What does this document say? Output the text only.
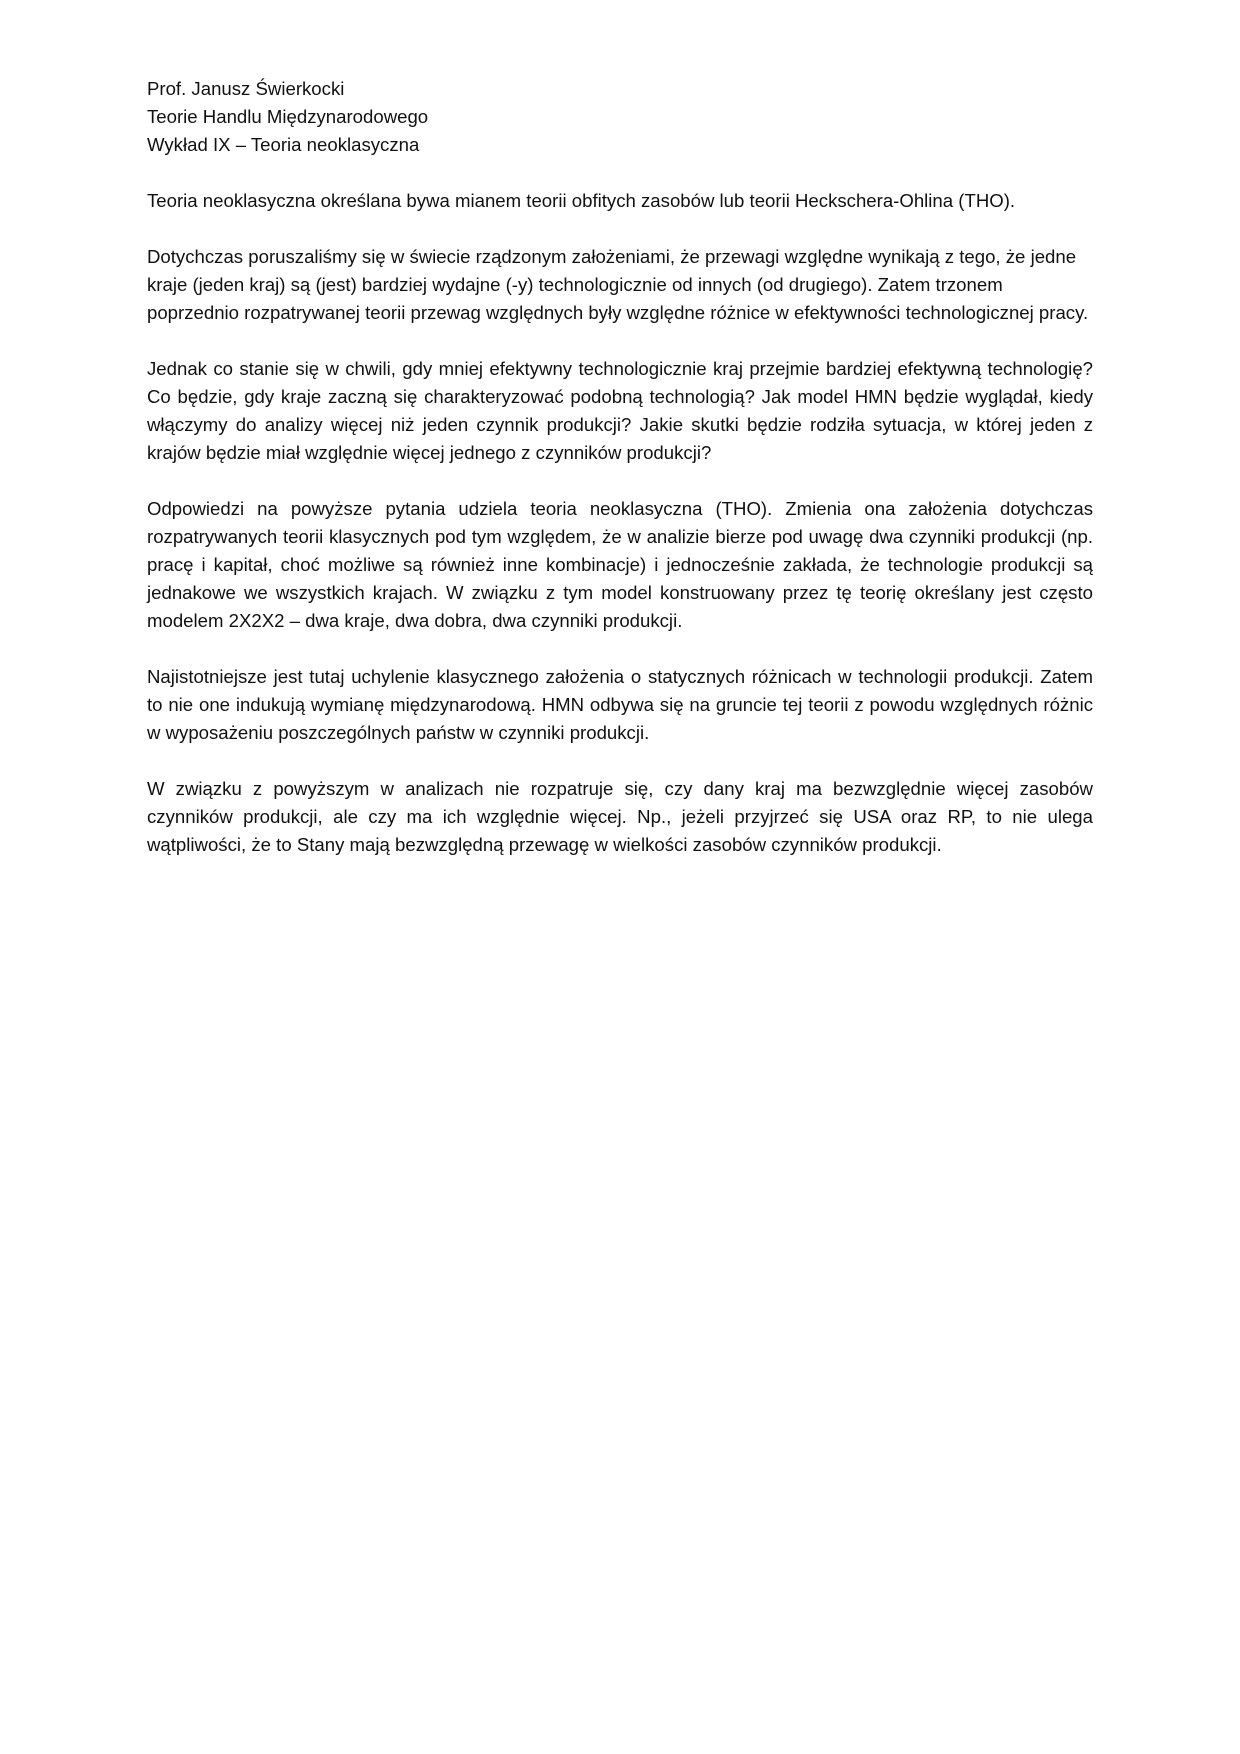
Prof. Janusz Świerkocki

Teorie Handlu Międzynarodowego

Wykład IX – Teoria neoklasyczna

Teoria neoklasyczna określana bywa mianem teorii obfitych zasobów lub teorii Heckschera-Ohlina (THO).

Dotychczas poruszaliśmy się w świecie rządzonym założeniami, że przewagi względne wynikają z tego, że jedne kraje (jeden kraj) są (jest) bardziej wydajne (-y) technologicznie od innych (od drugiego). Zatem trzonem poprzednio rozpatrywanej teorii przewag względnych były względne różnice w efektywności technologicznej pracy.

Jednak co stanie się w chwili, gdy mniej efektywny technologicznie kraj przejmie bardziej efektywną technologię? Co będzie, gdy kraje zaczną się charakteryzować podobną technologią? Jak model HMN będzie wyglądał, kiedy włączymy do analizy więcej niż jeden czynnik produkcji? Jakie skutki będzie rodziła sytuacja, w której jeden z krajów będzie miał względnie więcej jednego z czynników produkcji?

Odpowiedzi na powyższe pytania udziela teoria neoklasyczna (THO). Zmienia ona założenia dotychczas rozpatrywanych teorii klasycznych pod tym względem, że w analizie bierze pod uwagę dwa czynniki produkcji (np. pracę i kapitał, choć możliwe są również inne kombinacje) i jednocześnie zakłada, że technologie produkcji są jednakowe we wszystkich krajach. W związku z tym model konstruowany przez tę teorię określany jest często modelem 2X2X2 – dwa kraje, dwa dobra, dwa czynniki produkcji.

Najistotniejsze jest tutaj uchylenie klasycznego założenia o statycznych różnicach w technologii produkcji. Zatem to nie one indukują wymianę międzynarodową. HMN odbywa się na gruncie tej teorii z powodu względnych różnic w wyposażeniu poszczególnych państw w czynniki produkcji.

W związku z powyższym w analizach nie rozpatruje się, czy dany kraj ma bezwzględnie więcej zasobów czynników produkcji, ale czy ma ich względnie więcej. Np., jeżeli przyjrzeć się USA oraz RP, to nie ulega wątpliwości, że to Stany mają bezwzględną przewagę w wielkości zasobów czynników produkcji.
